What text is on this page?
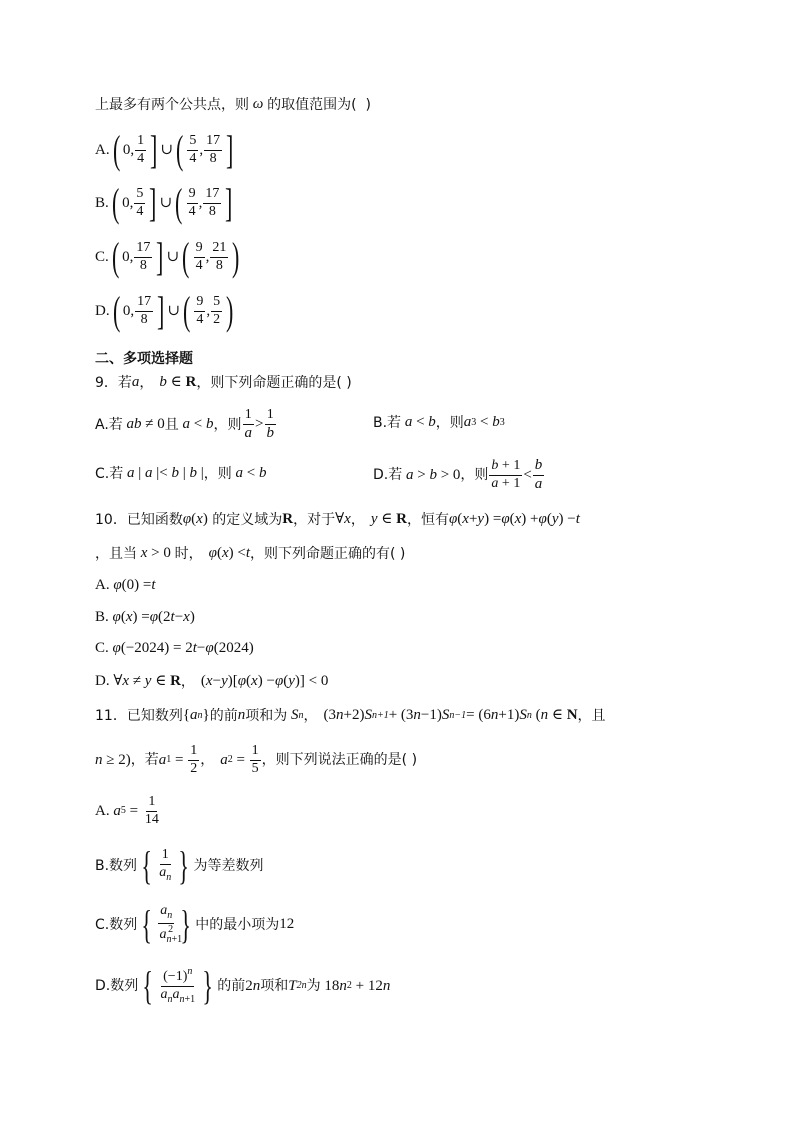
上最多有两个公共点，则 ω 的取值范围为(  )
A. ( 0, $\frac{1}{4}$ ] ∪ ( $\frac{5}{4}$ , $\frac{17}{8}$ ]
B. ( 0, $\frac{5}{4}$ ] ∪ ( $\frac{9}{4}$ , $\frac{17}{8}$ ]
C. ( 0, $\frac{17}{8}$ ] ∪ ( $\frac{9}{4}$ , $\frac{21}{8}$ )
D. ( 0, $\frac{17}{8}$ ] ∪ ( $\frac{9}{4}$ , $\frac{5}{2}$ )
二、多项选择题
9．若 a ， b ∈ R ，则下列命题正确的是( )
A.若 ab ≠ 0 且 a < b ，则 $\frac{1}{a} > \frac{1}{b}$	B.若 a < b ，则 a 3 < b 3
C.若 a | a |< b | b | ，则 a < b	D.若 a > b > 0 ，则 $\frac{b + 1}{a + 1} < \frac{b}{a}$
10 ．已知函数 φ ( x ) 的定义域为 R ，对于 ∀ x ， y ∈ R ，恒有 φ ( x + y ) = φ ( x ) + φ ( y ) − t
，且当 x > 0 时， φ ( x ) < t ，则下列命题正确的有( )
A. φ (0) = t
B. φ ( x ) = φ (2 t − x )
C. φ (−2024) = 2 t − φ (2024)
D. ∀ x ≠ y ∈ R ， ( x − y )[ φ ( x ) − φ ( y )] < 0
11 ．已知数列 { a n } 的前 n 项和为 S n ， (3 n +2) S n+1 + (3 n −1) S n−1 = (6 n +1) S n ( n ∈ N ，且
n ≥ 2) ，若 a $1 = \frac{1}{2}$ ， a $2 = \frac{1}{5}$ ，则下列说法正确的是( )
A. a $5 = \frac{1}{14}$
B.数列 { $\frac{1}{a_n}$ } 为等差数列
C.数列 { $\frac{a_n}{a_{n+1}^2}$ } 中的最小项为 12
D.数列 { $\frac{(-1)^n}{a_na_{n+1}}$ } 的前 2 n 项和 T 2n 为 18 n 2 + 12 n
